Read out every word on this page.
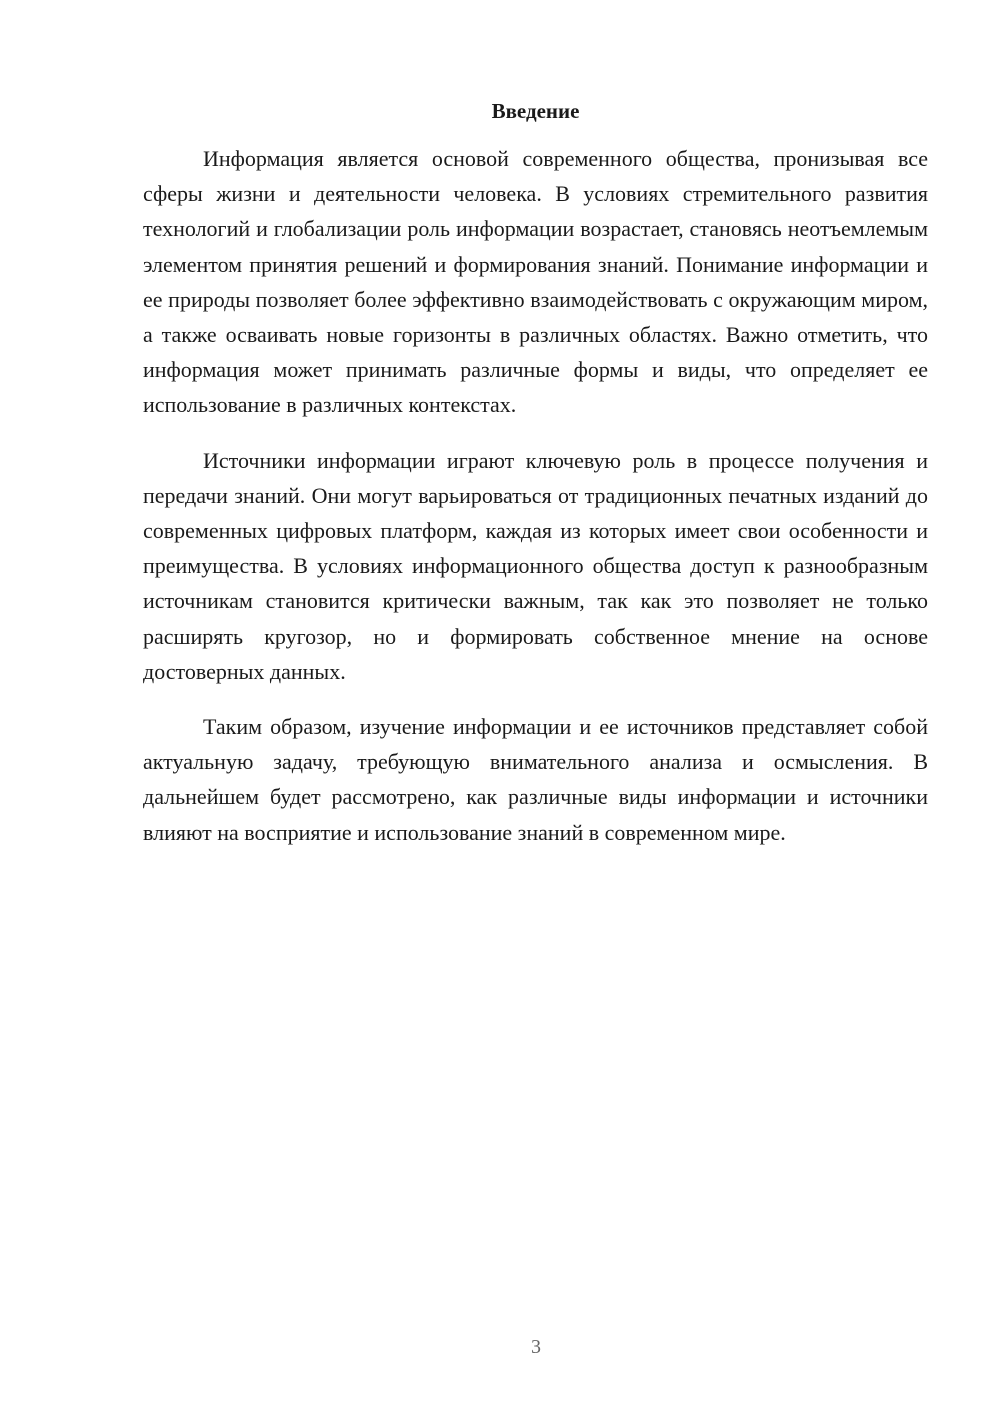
Введение

Информация является основой современного общества, пронизывая все сферы жизни и деятельности человека. В условиях стремительного развития технологий и глобализации роль информации возрастает, становясь неотъемлемым элементом принятия решений и формирования знаний. Понимание информации и ее природы позволяет более эффективно взаимодействовать с окружающим миром, а также осваивать новые горизонты в различных областях. Важно отметить, что информация может принимать различные формы и виды, что определяет ее использование в различных контекстах.

Источники информации играют ключевую роль в процессе получения и передачи знаний. Они могут варьироваться от традиционных печатных изданий до современных цифровых платформ, каждая из которых имеет свои особенности и преимущества. В условиях информационного общества доступ к разнообразным источникам становится критически важным, так как это позволяет не только расширять кругозор, но и формировать собственное мнение на основе достоверных данных.

Таким образом, изучение информации и ее источников представляет собой актуальную задачу, требующую внимательного анализа и осмысления. В дальнейшем будет рассмотрено, как различные виды информации и источники влияют на восприятие и использование знаний в современном мире.

3
